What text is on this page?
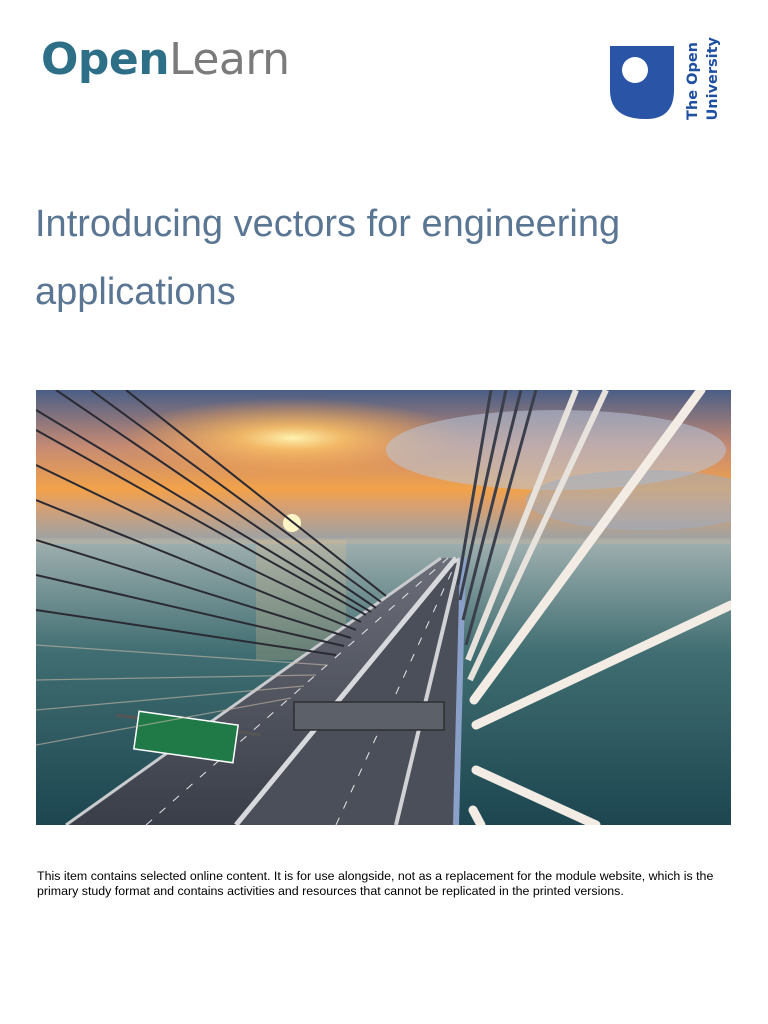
OpenLearn	The Open University
Introducing vectors for engineering
applications

This item contains selected online content. It is for use alongside, not as a replacement for the module website, which is the primary study format and contains activities and resources that cannot be replicated in the printed versions.
